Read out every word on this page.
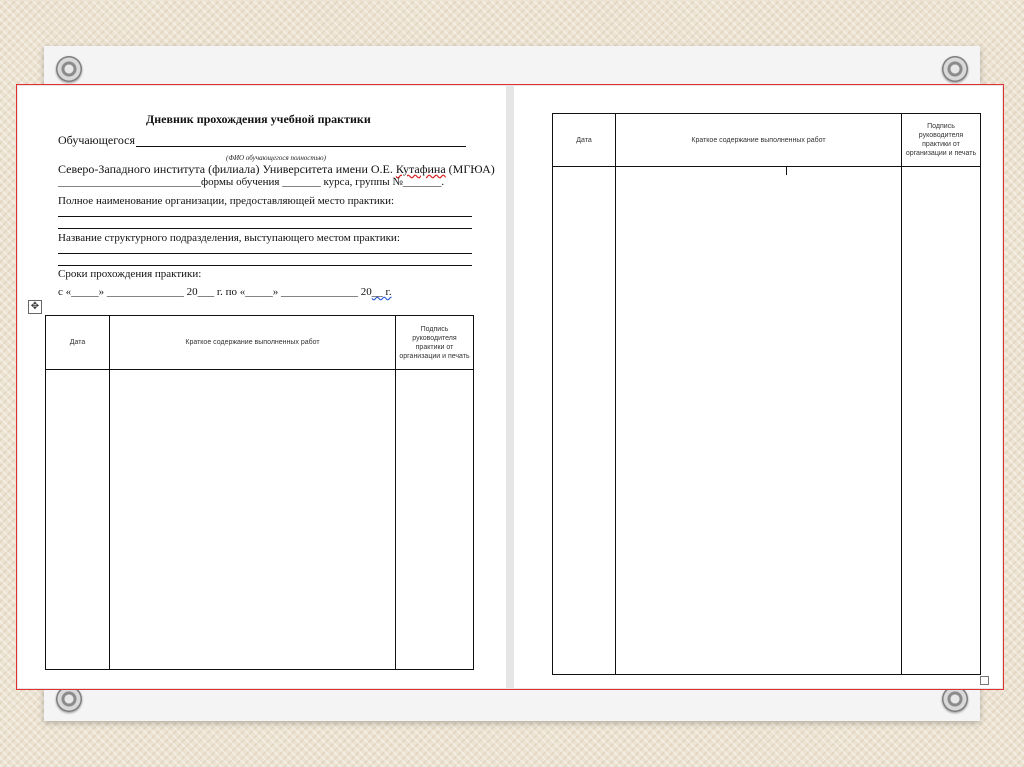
Дневник прохождения учебной практики
Обучающегося
(ФИО обучающегося полностью)
Северо-Западного института (филиала) Университета имени О.Е. Кутафина (МГЮА)
__________________________формы обучения _______ курса, группы №_______.
Полное наименование организации, предоставляющей место практики:
Название структурного подразделения, выступающего местом практики:
Сроки прохождения практики:
с «_____» ______________ 20___ г. по «_____» ______________ 20__ г.
✥
Дата	Краткое содержание выполненных работ	Подпись руководителя практики от организации и печать

Дата	Краткое содержание выполненных работ	Подпись руководителя практики от организации и печать
